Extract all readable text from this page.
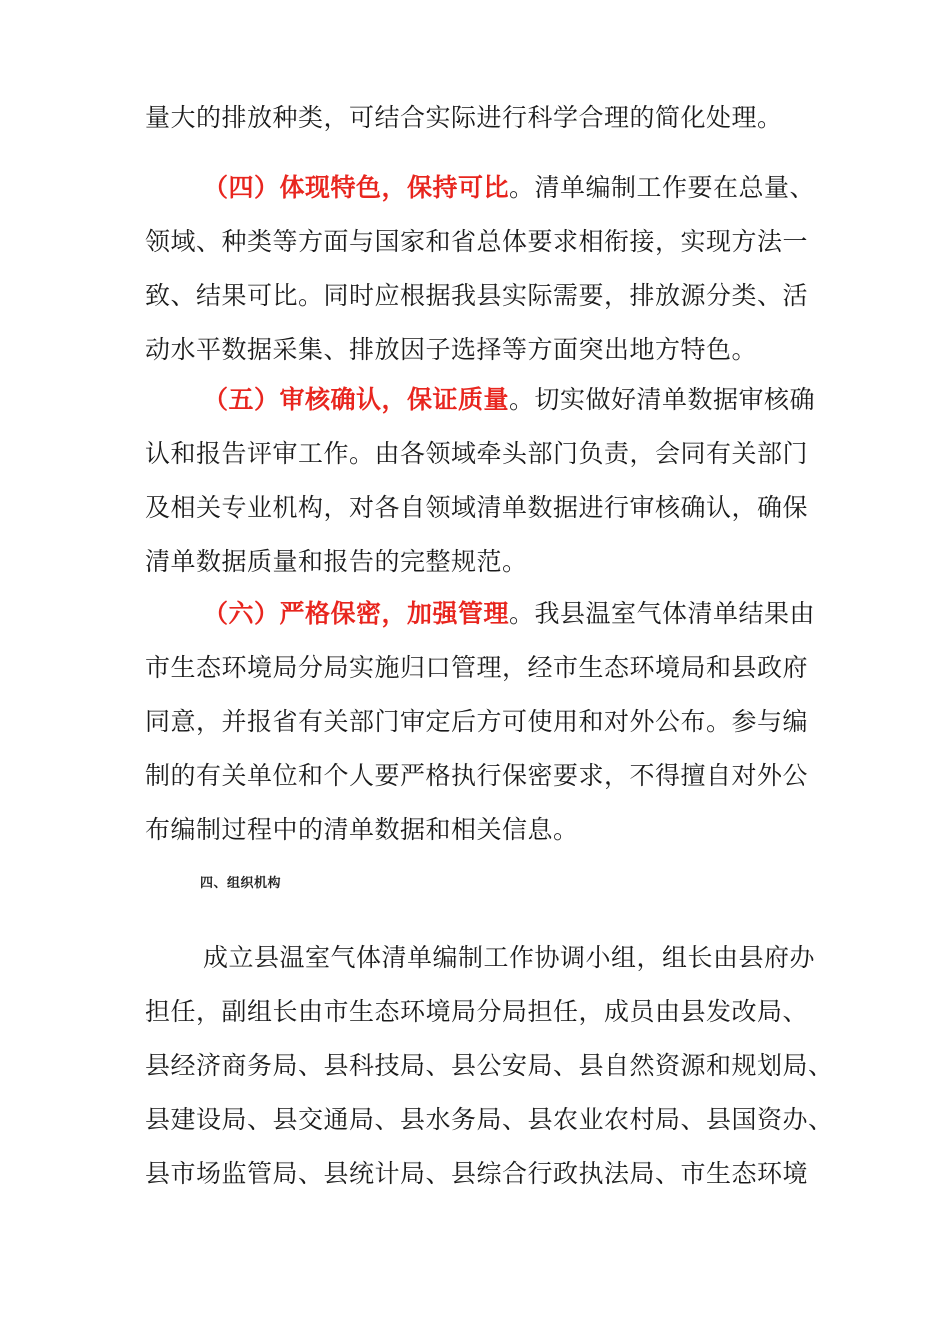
量大的排放种类，可结合实际进行科学合理的简化处理。
（四）体现特色，保持可比。清单编制工作要在总量、
领域、种类等方面与国家和省总体要求相衔接，实现方法一
致、结果可比。同时应根据我县实际需要，排放源分类、活
动水平数据采集、排放因子选择等方面突出地方特色。
（五）审核确认，保证质量。切实做好清单数据审核确
认和报告评审工作。由各领域牵头部门负责，会同有关部门
及相关专业机构，对各自领域清单数据进行审核确认，确保
清单数据质量和报告的完整规范。
（六）严格保密，加强管理。我县温室气体清单结果由
市生态环境局分局实施归口管理，经市生态环境局和县政府
同意，并报省有关部门审定后方可使用和对外公布。参与编
制的有关单位和个人要严格执行保密要求，不得擅自对外公
布编制过程中的清单数据和相关信息。
四、组织机构
成立县温室气体清单编制工作协调小组，组长由县府办
担任，副组长由市生态环境局分局担任，成员由县发改局、
县经济商务局、县科技局、县公安局、县自然资源和规划局、
县建设局、县交通局、县水务局、县农业农村局、县国资办、
县市场监管局、县统计局、县综合行政执法局、市生态环境
